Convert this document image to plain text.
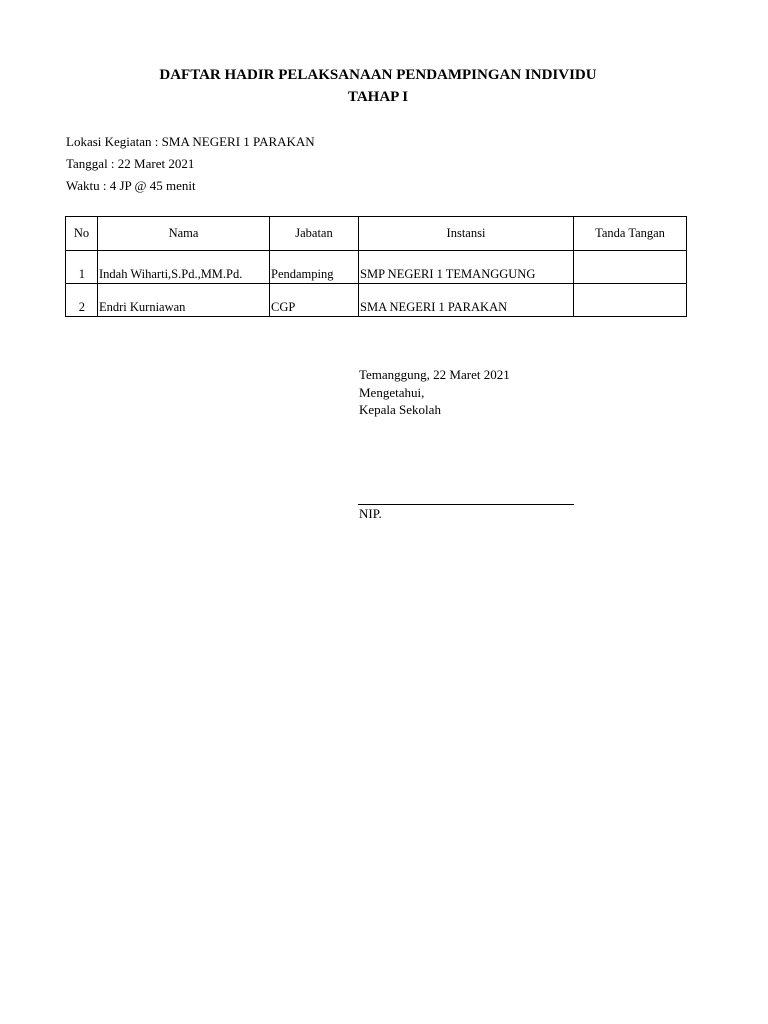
DAFTAR HADIR PELAKSANAAN PENDAMPINGAN INDIVIDU
TAHAP I
Lokasi Kegiatan : SMA NEGERI 1 PARAKAN
Tanggal : 22 Maret 2021
Waktu : 4 JP @ 45 menit
No	Nama	Jabatan	Instansi	Tanda Tangan
1	Indah Wiharti,S.Pd.,MM.Pd.	Pendamping	SMP NEGERI 1 TEMANGGUNG	
2	Endri Kurniawan	CGP	SMA NEGERI 1 PARAKAN	
Temanggung, 22 Maret 2021
Mengetahui,
Kepala Sekolah
NIP.
